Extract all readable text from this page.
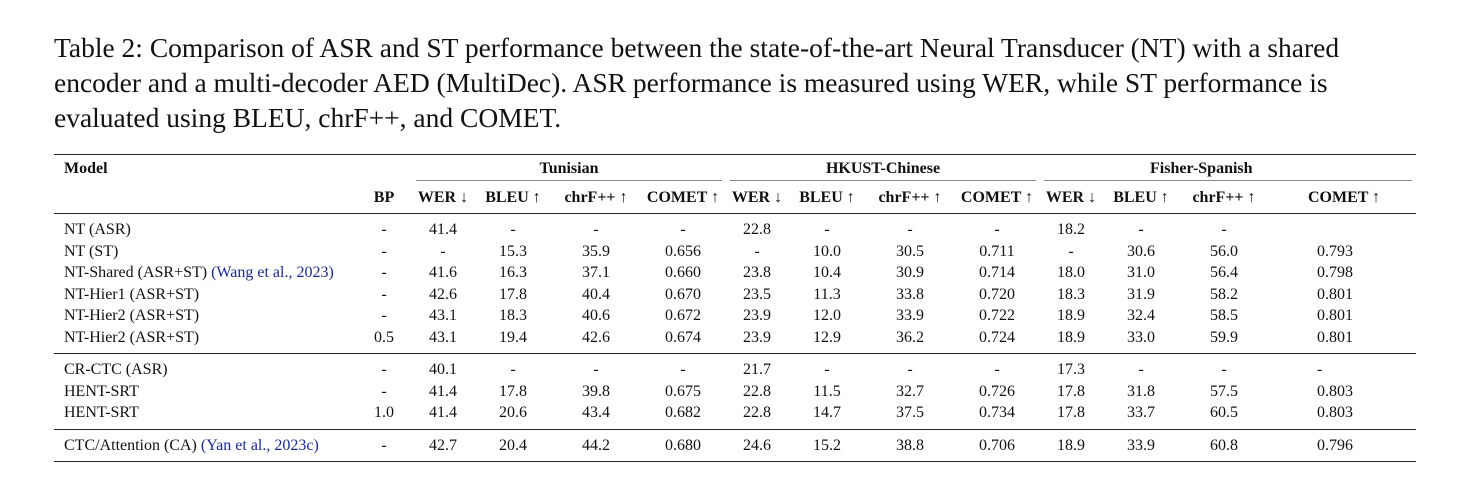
Table 2: Comparison of ASR and ST performance between the state-of-the-art Neural Transducer (NT) with a shared encoder and a multi-decoder AED (MultiDec). ASR performance is measured using WER, while ST performance is evaluated using BLEU, chrF++, and COMET.
Model		Tunisian				HKUST-Chinese				Fisher-Spanish			
	BP	WER ↓	BLEU ↑	chrF++ ↑	COMET ↑	WER ↓	BLEU ↑	chrF++ ↑	COMET ↑	WER ↓	BLEU ↑	chrF++ ↑	COMET ↑
NT (ASR)	-	41.4	-	-	-	22.8	-	-	-	18.2	-	-	
NT (ST)	-	-	15.3	35.9	0.656	-	10.0	30.5	0.711	-	30.6	56.0	0.793
NT-Shared (ASR+ST) (Wang et al., 2023)	-	41.6	16.3	37.1	0.660	23.8	10.4	30.9	0.714	18.0	31.0	56.4	0.798
NT-Hier1 (ASR+ST)	-	42.6	17.8	40.4	0.670	23.5	11.3	33.8	0.720	18.3	31.9	58.2	0.801
NT-Hier2 (ASR+ST)	-	43.1	18.3	40.6	0.672	23.9	12.0	33.9	0.722	18.9	32.4	58.5	0.801
NT-Hier2 (ASR+ST)	0.5	43.1	19.4	42.6	0.674	23.9	12.9	36.2	0.724	18.9	33.0	59.9	0.801
CR-CTC (ASR)	-	40.1	-	-	-	21.7	-	-	-	17.3	-	-	-
HENT-SRT	-	41.4	17.8	39.8	0.675	22.8	11.5	32.7	0.726	17.8	31.8	57.5	0.803
HENT-SRT	1.0	41.4	20.6	43.4	0.682	22.8	14.7	37.5	0.734	17.8	33.7	60.5	0.803
CTC/Attention (CA) (Yan et al., 2023c)	-	42.7	20.4	44.2	0.680	24.6	15.2	38.8	0.706	18.9	33.9	60.8	0.796
